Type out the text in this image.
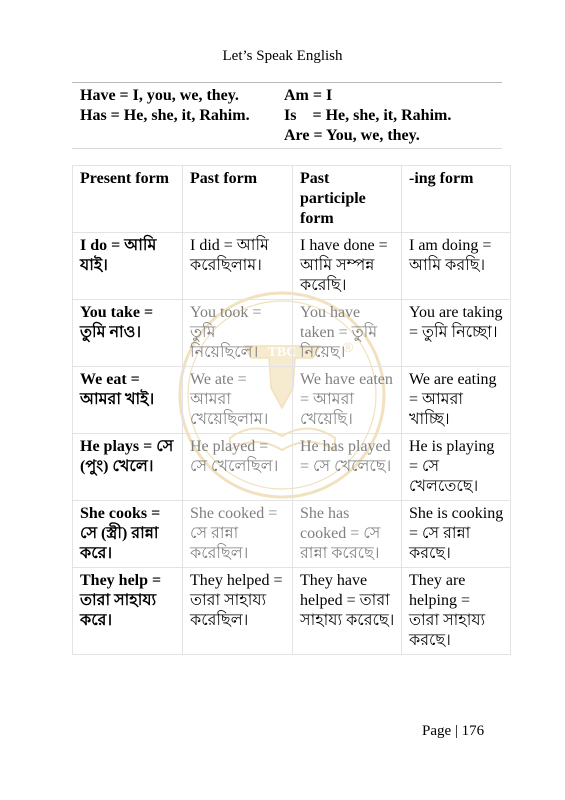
Let’s Speak English
Have = I, you, we, they.
Has = He, she, it, Rahim.
Am = I
Is    = He, she, it, Rahim.
Are = You, we, they.
TBC	®
Present form	Past form	Past participle form	-ing form
I do = আমি যাই।	I did = আমি করেছিলাম।	I have done = আমি সম্পন্ন করেছি।	I am doing = আমি করছি।
You take = তুমি নাও।	You took = তুমি নিয়েছিলে।	You have taken = তুমি নিয়েছ।	You are taking = তুমি নিচ্ছো।
We eat = আমরা খাই।	We ate = আমরা খেয়েছিলাম।	We have eaten = আমরা খেয়েছি।	We are eating = আমরা খাচ্ছি।
He plays = সে (পুং) খেলে।	He played = সে খেলেছিল।	He has played = সে খেলেছে।	He is playing = সে খেলতেছে।
She cooks = সে (স্ত্রী) রান্না করে।	She cooked = সে রান্না করেছিল।	She has cooked = সে রান্না করেছে।	She is cooking = সে রান্না করছে।
They help = তারা সাহায্য করে।	They helped = তারা সাহায্য করেছিল।	They have helped = তারা সাহায্য করেছে।	They are helping = তারা সাহায্য করছে।
Page | 176
